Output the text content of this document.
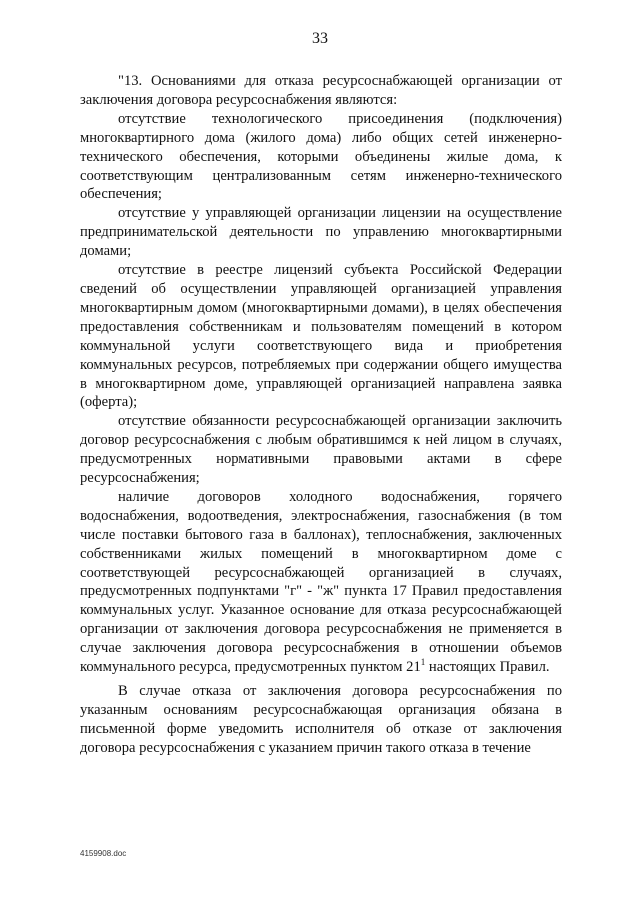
33

"13. Основаниями для отказа ресурсоснабжающей организации от заключения договора ресурсоснабжения являются:

отсутствие технологического присоединения (подключения) многоквартирного дома (жилого дома) либо общих сетей инженерно-технического обеспечения, которыми объединены жилые дома, к соответствующим централизованным сетям инженерно-технического обеспечения;

отсутствие у управляющей организации лицензии на осуществление предпринимательской деятельности по управлению многоквартирными домами;

отсутствие в реестре лицензий субъекта Российской Федерации сведений об осуществлении управляющей организацией управления многоквартирным домом (многоквартирными домами), в целях обеспечения предоставления собственникам и пользователям помещений в котором коммунальной услуги соответствующего вида и приобретения коммунальных ресурсов, потребляемых при содержании общего имущества в многоквартирном доме, управляющей организацией направлена заявка (оферта);

отсутствие обязанности ресурсоснабжающей организации заключить договор ресурсоснабжения с любым обратившимся к ней лицом в случаях, предусмотренных нормативными правовыми актами в сфере ресурсоснабжения;

наличие договоров холодного водоснабжения, горячего водоснабжения, водоотведения, электроснабжения, газоснабжения (в том числе поставки бытового газа в баллонах), теплоснабжения, заключенных собственниками жилых помещений в многоквартирном доме с соответствующей ресурсоснабжающей организацией в случаях, предусмотренных подпунктами "г" - "ж" пункта 17 Правил предоставления коммунальных услуг. Указанное основание для отказа ресурсоснабжающей организации от заключения договора ресурсоснабжения не применяется в случае заключения договора ресурсоснабжения в отношении объемов коммунального ресурса, предусмотренных пунктом $21^1$ настоящих Правил.

В случае отказа от заключения договора ресурсоснабжения по указанным основаниям ресурсоснабжающая организация обязана в письменной форме уведомить исполнителя об отказе от заключения договора ресурсоснабжения с указанием причин такого отказа в течение

4159908.doc
